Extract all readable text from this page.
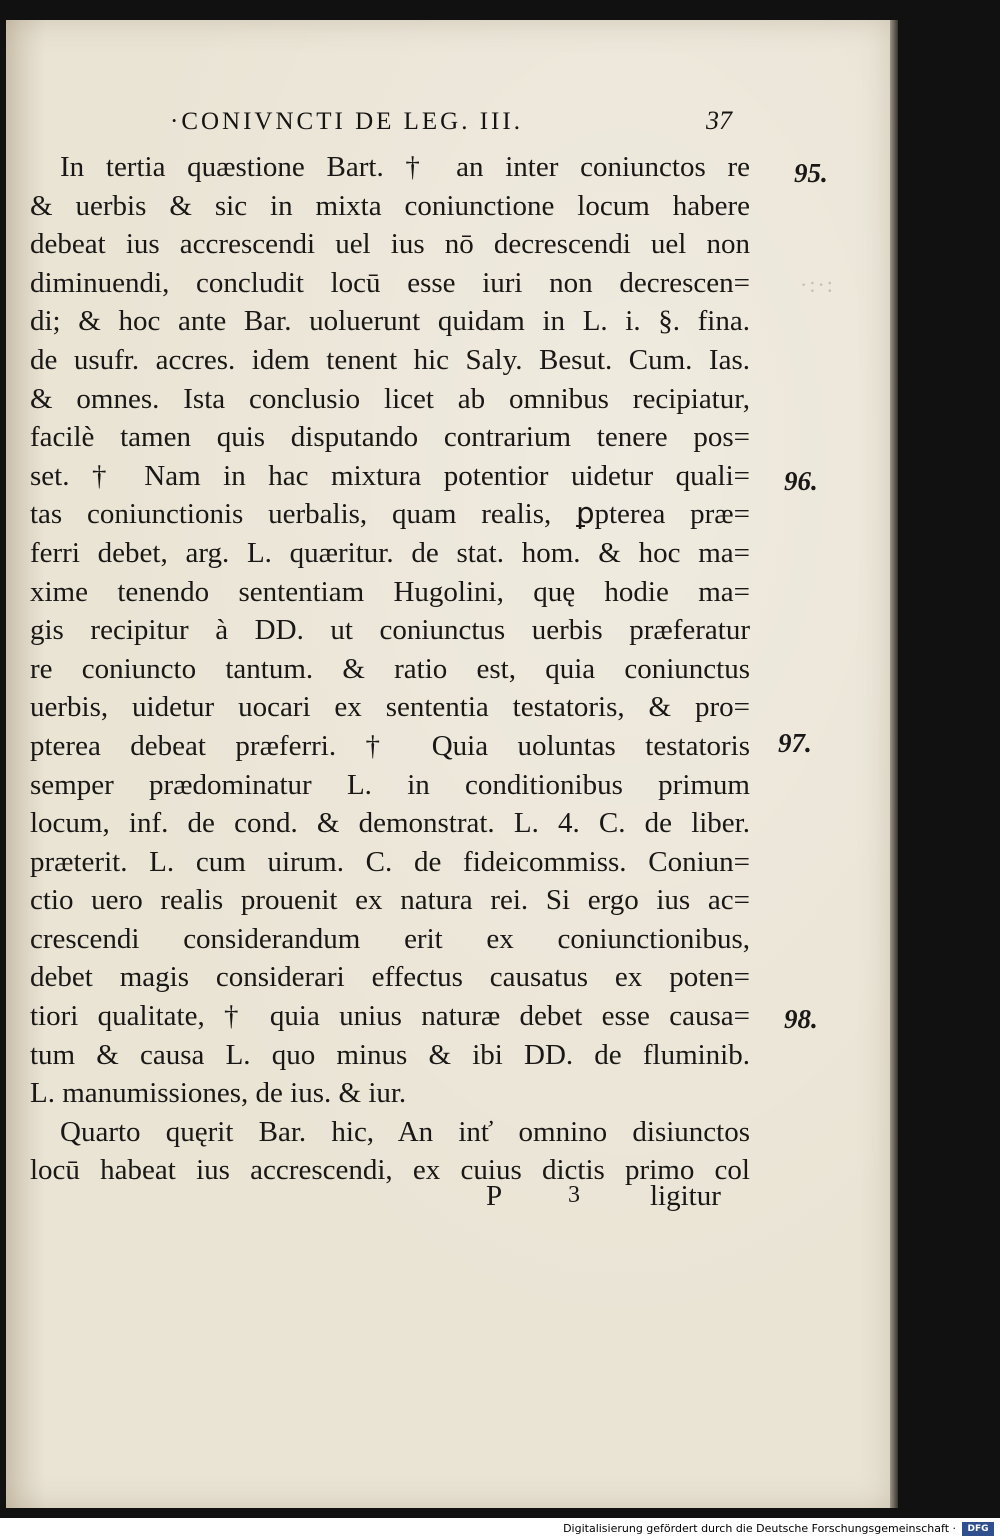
·CONIVNCTI DE LEG. III.	37
In tertia quæstione Bart. † an inter coniunctos re
& uerbis & sic in mixta coniunctione locum habere
debeat ius accrescendi uel ius nō decrescendi uel non
diminuendi, concludit locū esse iuri non decrescen=
di; & hoc ante Bar. uoluerunt quidam in L. i. §. fina.
de usufr. accres. idem tenent hic Saly. Besut. Cum. Ias.
& omnes. Ista conclusio licet ab omnibus recipiatur,
facilè tamen quis disputando contrarium tenere pos=
set. † Nam in hac mixtura potentior uidetur quali=
tas coniunctionis uerbalis, quam realis, ꝑpterea præ=
ferri debet, arg. L. quæritur. de stat. hom. & hoc ma=
xime tenendo sententiam Hugolini, quę hodie ma=
gis recipitur à DD. ut coniunctus uerbis præferatur
re coniuncto tantum. & ratio est, quia coniunctus
uerbis, uidetur uocari ex sententia testatoris, & pro=
pterea debeat præferri. † Quia uoluntas testatoris
semper prædominatur L. in conditionibus primum
locum, inf. de cond. & demonstrat. L. 4. C. de liber.
præterit. L. cum uirum. C. de fideicommiss. Coniun=
ctio uero realis prouenit ex natura rei. Si ergo ius ac=
crescendi considerandum erit ex coniunctionibus,
debet magis considerari effectus causatus ex poten=
tiori qualitate, † quia unius naturæ debet esse causa=
tum & causa L. quo minus & ibi DD. de fluminib.
L. manumissiones, de ius. & iur.
Quarto quęrit Bar. hic, An inť omnino disiunctos
locū habeat ius accrescendi, ex cuius dictis primo col
95.
·:·:
96.
97.
98.
P	3 ligitur
Digitalisierung gefördert durch die Deutsche Forschungsgemeinschaft ·	DFG
